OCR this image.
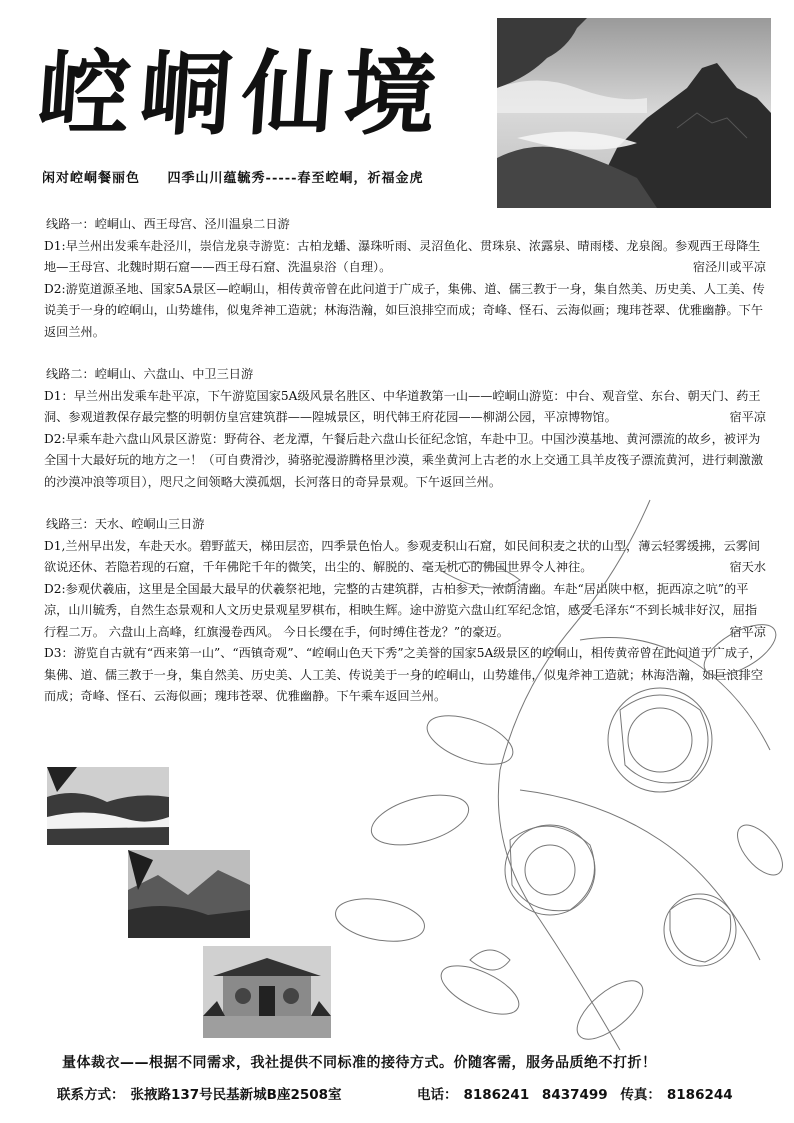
崆峒仙境
闲对崆峒餐丽色 四季山川蕴毓秀-----春至崆峒，祈福金虎

线路一：崆峒山、西王母宫、泾川温泉二日游

D1:早兰州出发乘车赴泾川，崇信龙泉寺游览：古柏龙蟠、瀑珠听雨、灵沼鱼化、贯珠泉、浓露泉、晴雨楼、龙泉阁。参观西王母降生地—王母宫、北魏时期石窟——西王母石窟、洗温泉浴（自理）。	宿泾川或平凉

D2:游览道源圣地、国家5A景区—崆峒山，相传黄帝曾在此问道于广成子，集佛、道、儒三教于一身，集自然美、历史美、人工美、传说美于一身的崆峒山，山势雄伟，似鬼斧神工造就；林海浩瀚，如巨浪排空而成；奇峰、怪石、云海似画；瑰玮苍翠、优雅幽静。下午返回兰州。

线路二：崆峒山、六盘山、中卫三日游

D1：早兰州出发乘车赴平凉，下午游览国家5A级风景名胜区、中华道教第一山——崆峒山游览：中台、观音堂、东台、朝天门、药王洞、参观道教保存最完整的明朝仿皇宫建筑群——隍城景区，明代韩王府花园——柳湖公园，平凉博物馆。	宿平凉

D2:早乘车赴六盘山风景区游览：野荷谷、老龙潭，午餐后赴六盘山长征纪念馆，车赴中卫。中国沙漠基地、黄河漂流的故乡，被评为全国十大最好玩的地方之一！（可自费滑沙，骑骆驼漫游腾格里沙漠，乘坐黄河上古老的水上交通工具羊皮筏子漂流黄河，进行刺激激的沙漠冲浪等项目），咫尺之间领略大漠孤烟，长河落日的奇异景观。下午返回兰州。

线路三：天水、崆峒山三日游

D1,兰州早出发，车赴天水。碧野蓝天，梯田层峦，四季景色怡人。参观麦积山石窟，如民间积麦之状的山型，薄云轻雾缓拂，云雾间欲说还休、若隐若现的石窟，千年佛陀千年的微笑，出尘的、解脱的、毫无机心的佛国世界令人神往。	宿天水

D2:参观伏羲庙，这里是全国最大最早的伏羲祭祀地，完整的古建筑群，古柏参天，浓荫清幽。车赴“居出陕中枢，扼西凉之吭”的平凉，山川毓秀，自然生态景观和人文历史景观星罗棋布，相映生辉。途中游览六盘山红军纪念馆，感受毛泽东“不到长城非好汉，屈指行程二万。 六盘山上高峰，红旗漫卷西风。 今日长缨在手，何时缚住苍龙？”的豪迈。	宿平凉

D3：游览自古就有“西来第一山”、“西镇奇观”、“崆峒山色天下秀”之美誉的国家5A级景区的崆峒山，相传黄帝曾在此问道于广成子，集佛、道、儒三教于一身，集自然美、历史美、人工美、传说美于一身的崆峒山，山势雄伟，似鬼斧神工造就；林海浩瀚，如巨浪排空而成；奇峰、怪石、云海似画；瑰玮苍翠、优雅幽静。下午乘车返回兰州。

量体裁衣——根据不同需求，我社提供不同标准的接待方式。价随客需，服务品质绝不打折！
联系方式： 张掖路137号民基新城B座2508室	电话： 8186241 8437499 传真： 8186244
